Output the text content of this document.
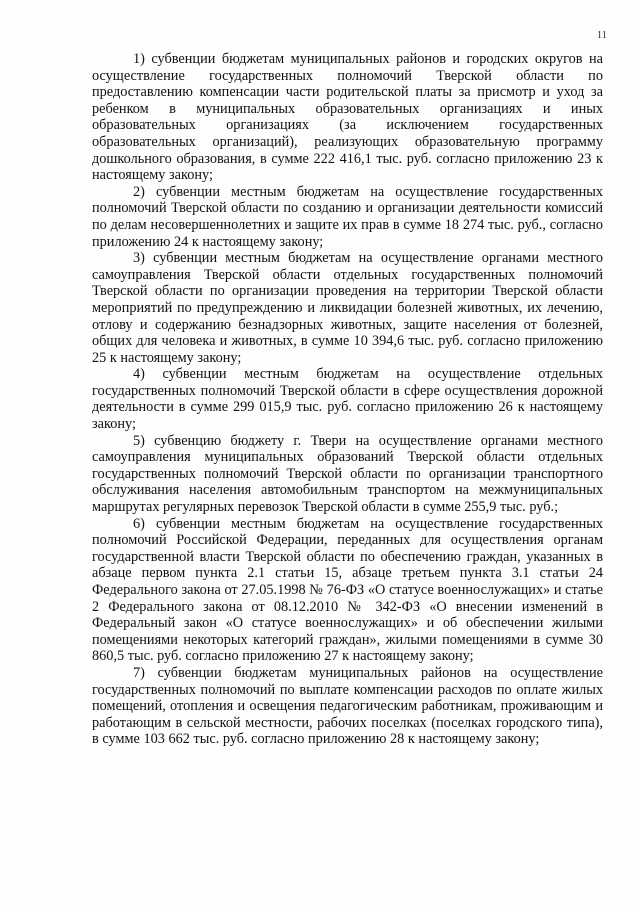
11

1) субвенции бюджетам муниципальных районов и городских округов на осуществление государственных полномочий Тверской области по предоставлению компенсации части родительской платы за присмотр и уход за ребенком в муниципальных образовательных организациях и иных образовательных организациях (за исключением государственных образовательных организаций), реализующих образовательную программу дошкольного образования, в сумме 222 416,1 тыс. руб. согласно приложению 23 к настоящему закону;

2) субвенции местным бюджетам на осуществление государственных полномочий Тверской области по созданию и организации деятельности комиссий по делам несовершеннолетних и защите их прав в сумме 18 274 тыс. руб., согласно приложению 24 к настоящему закону;

3) субвенции местным бюджетам на осуществление органами местного самоуправления Тверской области отдельных государственных полномочий Тверской области по организации проведения на территории Тверской области мероприятий по предупреждению и ликвидации болезней животных, их лечению, отлову и содержанию безнадзорных животных, защите населения от болезней, общих для человека и животных, в сумме 10 394,6 тыс. руб. согласно приложению 25 к настоящему закону;

4) субвенции местным бюджетам на осуществление отдельных государственных полномочий Тверской области в сфере осуществления дорожной деятельности в сумме 299 015,9 тыс. руб. согласно приложению 26 к настоящему закону;

5) субвенцию бюджету г. Твери на осуществление органами местного самоуправления муниципальных образований Тверской области отдельных государственных полномочий Тверской области по организации транспортного обслуживания населения автомобильным транспортом на межмуниципальных маршрутах регулярных перевозок Тверской области в сумме 255,9 тыс. руб.;

6) субвенции местным бюджетам на осуществление государственных полномочий Российской Федерации, переданных для осуществления органам государственной власти Тверской области по обеспечению граждан, указанных в абзаце первом пункта 2.1 статьи 15, абзаце третьем пункта 3.1 статьи 24 Федерального закона от 27.05.1998 № 76-ФЗ «О статусе военнослужащих» и статье 2 Федерального закона от 08.12.2010 № 342-ФЗ «О внесении изменений в Федеральный закон «О статусе военнослужащих» и об обеспечении жилыми помещениями некоторых категорий граждан», жилыми помещениями в сумме 30 860,5 тыс. руб. согласно приложению 27 к настоящему закону;

7) субвенции бюджетам муниципальных районов на осуществление государственных полномочий по выплате компенсации расходов по оплате жилых помещений, отопления и освещения педагогическим работникам, проживающим и работающим в сельской местности, рабочих поселках (поселках городского типа), в сумме 103 662 тыс. руб. согласно приложению 28 к настоящему закону;
